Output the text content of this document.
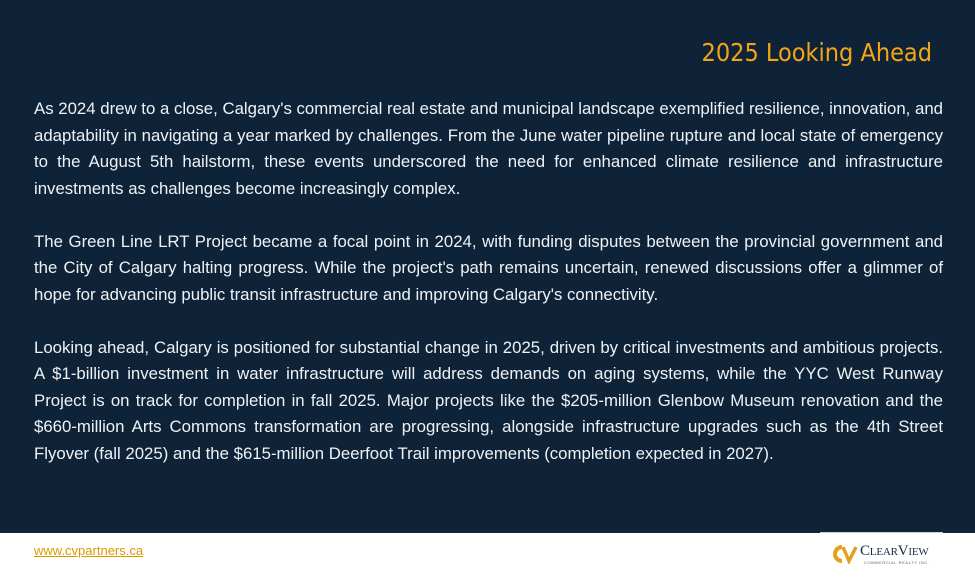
2025 Looking Ahead

As 2024 drew to a close, Calgary's commercial real estate and municipal landscape exemplified resilience, innovation, and adaptability in navigating a year marked by challenges. From the June water pipeline rupture and local state of emergency to the August 5th hailstorm, these events underscored the need for enhanced climate resilience and infrastructure investments as challenges become increasingly complex.

The Green Line LRT Project became a focal point in 2024, with funding disputes between the provincial government and the City of Calgary halting progress. While the project's path remains uncertain, renewed discussions offer a glimmer of hope for advancing public transit infrastructure and improving Calgary's connectivity.

Looking ahead, Calgary is positioned for substantial change in 2025, driven by critical investments and ambitious projects. A $1-billion investment in water infrastructure will address demands on aging systems, while the YYC West Runway Project is on track for completion in fall 2025. Major projects like the $205-million Glenbow Museum renovation and the $660-million Arts Commons transformation are progressing, alongside infrastructure upgrades such as the 4th Street Flyover (fall 2025) and the $615-million Deerfoot Trail improvements (completion expected in 2027).

www.cvpartners.ca	ClearView
COMMERCIAL REALTY INC.
